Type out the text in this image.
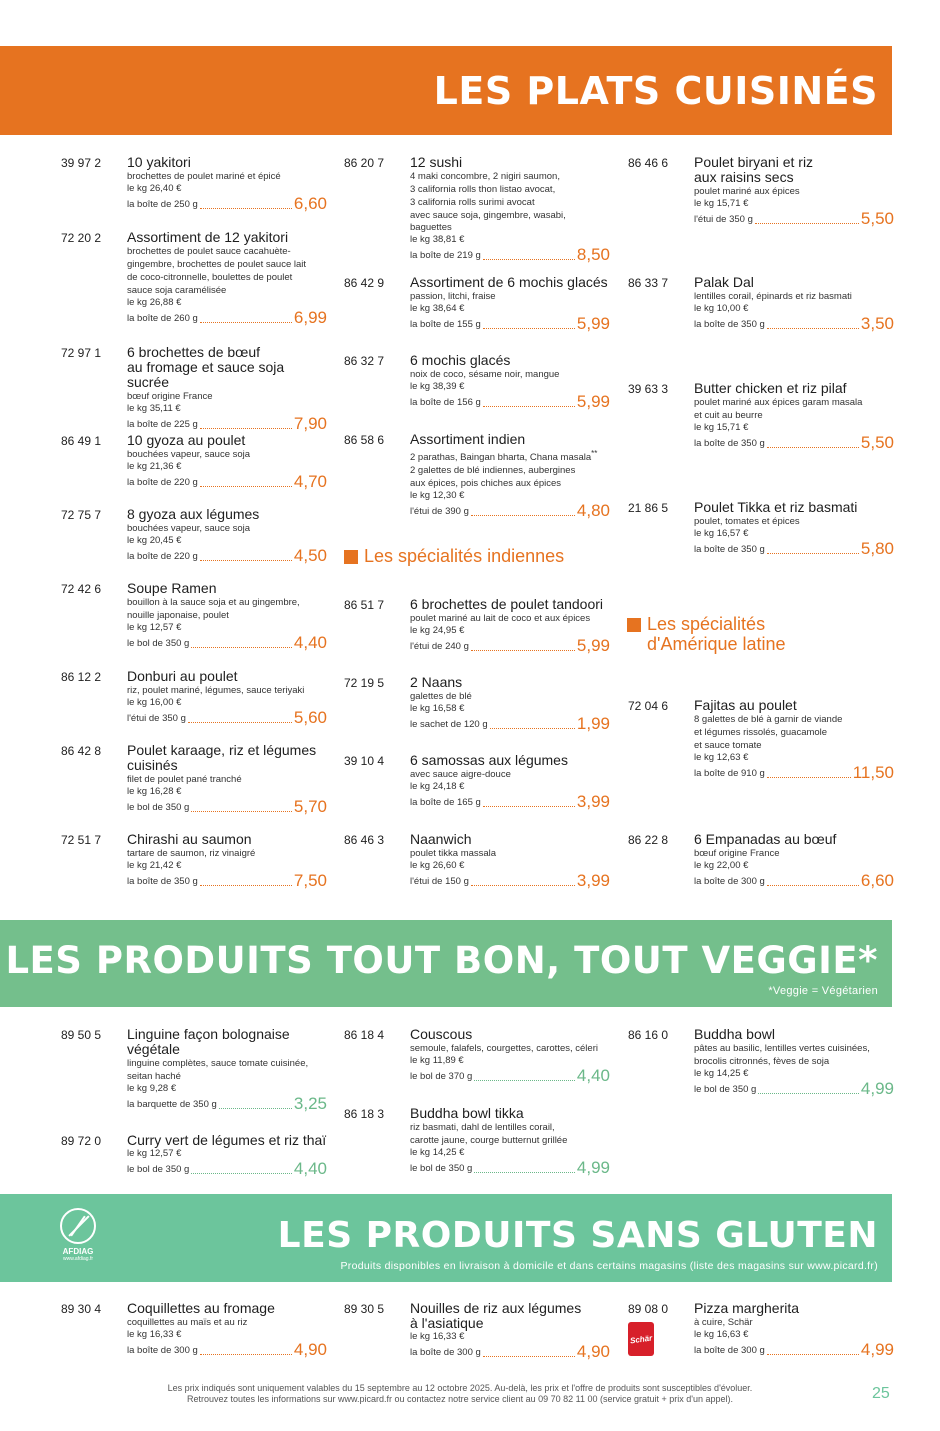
LES PLATS CUISINÉS
LES PRODUITS TOUT BON, TOUT VEGGIE*
*Veggie = Végétarien
LES PRODUITS SANS GLUTEN
Produits disponibles en livraison à domicile et dans certains magasins (liste des magasins sur www.picard.fr)
AFDIAG
www.afdiag.fr
Les spécialités indiennes
Les spécialités
d'Amérique latine
Schär
39 97 2 10 yakitori
brochettes de poulet mariné et épicé
le kg 26,40 €
la boîte de 250 g	6,60
72 20 2 Assortiment de 12 yakitori
brochettes de poulet sauce cacahuète-
gingembre, brochettes de poulet sauce lait
de coco-citronnelle, boulettes de poulet
sauce soja caramélisée
le kg 26,88 €
la boîte de 260 g	6,99
72 97 1 6 brochettes de bœuf
au fromage et sauce soja sucrée
bœuf origine France
le kg 35,11 €
la boîte de 225 g	7,90
86 49 1 10 gyoza au poulet
bouchées vapeur, sauce soja
le kg 21,36 €
la boîte de 220 g	4,70
72 75 7 8 gyoza aux légumes
bouchées vapeur, sauce soja
le kg 20,45 €
la boîte de 220 g	4,50
72 42 6 Soupe Ramen
bouillon à la sauce soja et au gingembre,
nouille japonaise, poulet
le kg 12,57 €
le bol de 350 g	4,40
86 12 2 Donburi au poulet
riz, poulet mariné, légumes, sauce teriyaki
le kg 16,00 €
l'étui de 350 g	5,60
86 42 8 Poulet karaage, riz et légumes
cuisinés
filet de poulet pané tranché
le kg 16,28 €
le bol de 350 g	5,70
72 51 7 Chirashi au saumon
tartare de saumon, riz vinaigré
le kg 21,42 €
la boîte de 350 g	7,50
86 20 7 12 sushi
4 maki concombre, 2 nigiri saumon,
3 california rolls thon listao avocat,
3 california rolls surimi avocat
avec sauce soja, gingembre, wasabi, baguettes
le kg 38,81 €
la boîte de 219 g	8,50
86 42 9 Assortiment de 6 mochis glacés
passion, litchi, fraise
le kg 38,64 €
la boîte de 155 g	5,99
86 32 7 6 mochis glacés
noix de coco, sésame noir, mangue
le kg 38,39 €
la boîte de 156 g	5,99
86 58 6 Assortiment indien
2 parathas, Baingan bharta, Chana masala**
2 galettes de blé indiennes, aubergines
aux épices, pois chiches aux épices
le kg 12,30 €
l'étui de 390 g	4,80
86 51 7 6 brochettes de poulet tandoori
poulet mariné au lait de coco et aux épices
le kg 24,95 €
l'étui de 240 g	5,99
72 19 5 2 Naans
galettes de blé
le kg 16,58 €
le sachet de 120 g	1,99
39 10 4 6 samossas aux légumes
avec sauce aigre-douce
le kg 24,18 €
la boîte de 165 g	3,99
86 46 3 Naanwich
poulet tikka massala
le kg 26,60 €
l'étui de 150 g	3,99
86 46 6 Poulet biryani et riz
aux raisins secs
poulet mariné aux épices
le kg 15,71 €
l'étui de 350 g	5,50
86 33 7 Palak Dal
lentilles corail, épinards et riz basmati
le kg 10,00 €
la boîte de 350 g	3,50
39 63 3 Butter chicken et riz pilaf
poulet mariné aux épices garam masala
et cuit au beurre
le kg 15,71 €
la boîte de 350 g	5,50
21 86 5 Poulet Tikka et riz basmati
poulet, tomates et épices
le kg 16,57 €
la boîte de 350 g	5,80
72 04 6 Fajitas au poulet
8 galettes de blé à garnir de viande
et légumes rissolés, guacamole
et sauce tomate
le kg 12,63 €
la boîte de 910 g	11,50
86 22 8 6 Empanadas au bœuf
bœuf origine France
le kg 22,00 €
la boîte de 300 g	6,60
89 50 5 Linguine façon bolognaise
végétale
linguine complètes, sauce tomate cuisinée,
seitan haché
le kg 9,28 €
la barquette de 350 g	3,25
89 72 0 Curry vert de légumes et riz thaï
le kg 12,57 €
le bol de 350 g	4,40
86 18 4 Couscous
semoule, falafels, courgettes, carottes, céleri
le kg 11,89 €
le bol de 370 g	4,40
86 18 3 Buddha bowl tikka
riz basmati, dahl de lentilles corail,
carotte jaune, courge butternut grillée
le kg 14,25 €
le bol de 350 g	4,99
86 16 0 Buddha bowl
pâtes au basilic, lentilles vertes cuisinées,
brocolis citronnés, fèves de soja
le kg 14,25 €
le bol de 350 g	4,99
89 30 4 Coquillettes au fromage
coquillettes au maïs et au riz
le kg 16,33 €
la boîte de 300 g	4,90
89 30 5 Nouilles de riz aux légumes
à l'asiatique
le kg 16,33 €
la boîte de 300 g	4,90
89 08 0 Pizza margherita
à cuire, Schär
le kg 16,63 €
la boîte de 300 g	4,99
Les prix indiqués sont uniquement valables du 15 septembre au 12 octobre 2025. Au-delà, les prix et l'offre de produits sont susceptibles d'évoluer.
Retrouvez toutes les informations sur www.picard.fr ou contactez notre service client au 09 70 82 11 00 (service gratuit + prix d'un appel).	25
